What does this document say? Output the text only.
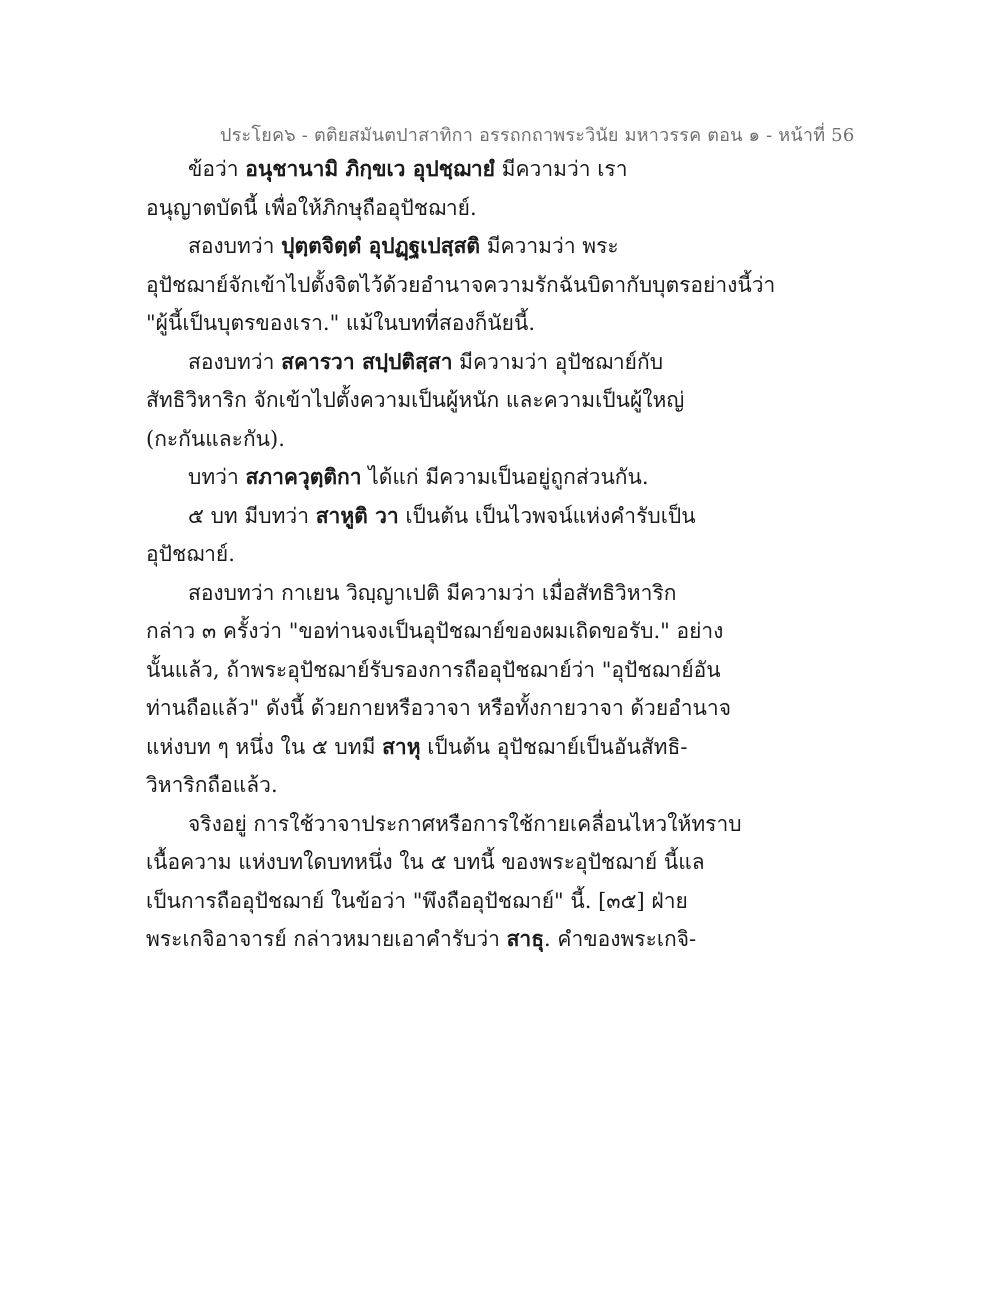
ประโยค๖ - ตติยสมันตปาสาทิกา อรรถกถาพระวินัย มหาวรรค ตอน ๑ - หน้าที่ 56
ข้อว่า อนุชานามิ ภิกฺขเว อุปชฺฌายํ มีความว่า เรา
อนุญาตบัดนี้ เพื่อให้ภิกษุถืออุปัชฌาย์.
สองบทว่า ปุตฺตจิตฺตํ อุปฏฺฐเปสฺสติ มีความว่า พระ
อุปัชฌาย์จักเข้าไปตั้งจิตไว้ด้วยอำนาจความรักฉันบิดากับบุตรอย่างนี้ว่า
"ผู้นี้เป็นบุตรของเรา." แม้ในบทที่สองก็นัยนี้.
สองบทว่า สคารวา สปฺปติสฺสา มีความว่า อุปัชฌาย์กับ
สัทธิวิหาริก จักเข้าไปตั้งความเป็นผู้หนัก และความเป็นผู้ใหญ่
(กะกันและกัน).
บทว่า สภาควุตฺติกา ได้แก่ มีความเป็นอยู่ถูกส่วนกัน.
๕ บท มีบทว่า สาหูติ วา เป็นต้น เป็นไวพจน์แห่งคำรับเป็น
อุปัชฌาย์.
สองบทว่า กาเยน วิญฺญาเปติ มีความว่า เมื่อสัทธิวิหาริก
กล่าว ๓ ครั้งว่า "ขอท่านจงเป็นอุปัชฌาย์ของผมเถิดขอรับ." อย่าง
นั้นแล้ว, ถ้าพระอุปัชฌาย์รับรองการถืออุปัชฌาย์ว่า "อุปัชฌาย์อัน
ท่านถือแล้ว" ดังนี้ ด้วยกายหรือวาจา หรือทั้งกายวาจา ด้วยอำนาจ
แห่งบท ๆ หนึ่ง ใน ๕ บทมี สาหุ เป็นต้น อุปัชฌาย์เป็นอันสัทธิ-
วิหาริกถือแล้ว.
จริงอยู่ การใช้วาจาประกาศหรือการใช้กายเคลื่อนไหวให้ทราบ
เนื้อความ แห่งบทใดบทหนึ่ง ใน ๕ บทนี้ ของพระอุปัชฌาย์ นี้แล
เป็นการถืออุปัชฌาย์ ในข้อว่า "พึงถืออุปัชฌาย์" นี้. [๓๕] ฝ่าย
พระเกจิอาจารย์ กล่าวหมายเอาคำรับว่า สาธุ. คำของพระเกจิ-
